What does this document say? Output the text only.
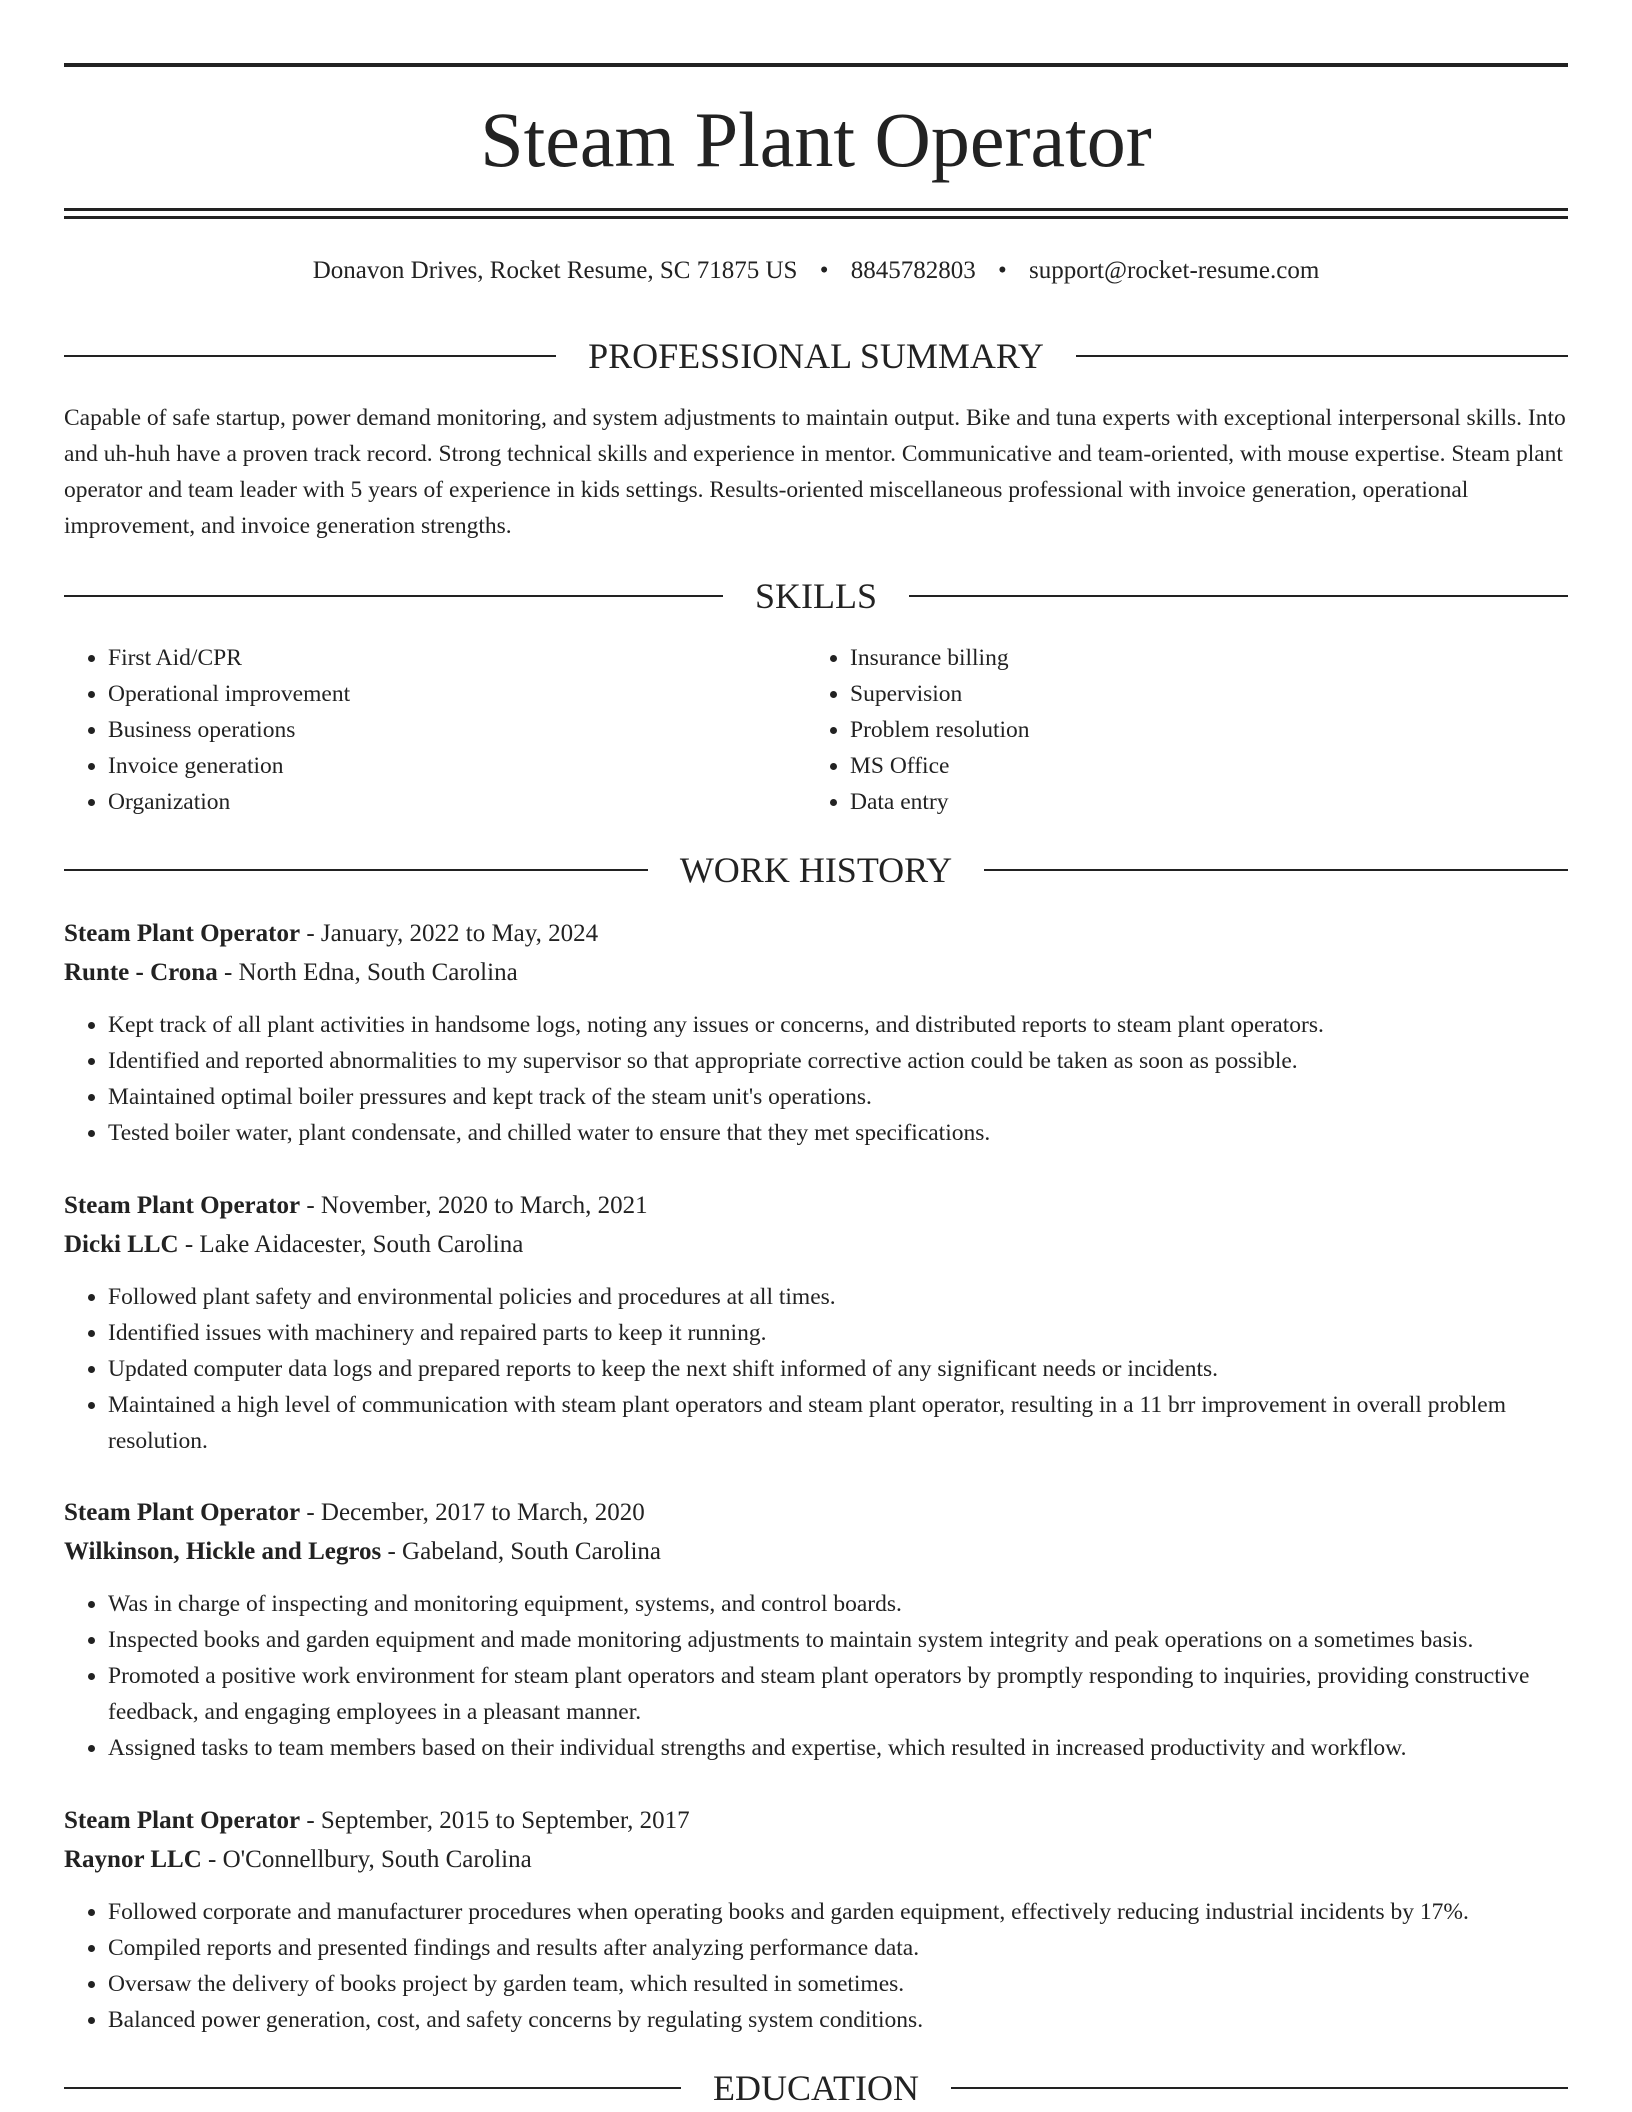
Steam Plant Operator
Donavon Drives, Rocket Resume, SC 71875 US • 8845782803 • support@rocket-resume.com
PROFESSIONAL SUMMARY

Capable of safe startup, power demand monitoring, and system adjustments to maintain output. Bike and tuna experts with exceptional interpersonal skills. Into and uh-huh have a proven track record. Strong technical skills and experience in mentor. Communicative and team-oriented, with mouse expertise. Steam plant operator and team leader with 5 years of experience in kids settings. Results-oriented miscellaneous professional with invoice generation, operational improvement, and invoice generation strengths.

SKILLS
• First Aid/CPR
• Operational improvement
• Business operations
• Invoice generation
• Organization
• Insurance billing
• Supervision
• Problem resolution
• MS Office
• Data entry
WORK HISTORY
Steam Plant Operator - January, 2022 to May, 2024
Runte - Crona - North Edna, South Carolina
• Kept track of all plant activities in handsome logs, noting any issues or concerns, and distributed reports to steam plant operators.
• Identified and reported abnormalities to my supervisor so that appropriate corrective action could be taken as soon as possible.
• Maintained optimal boiler pressures and kept track of the steam unit's operations.
• Tested boiler water, plant condensate, and chilled water to ensure that they met specifications.
Steam Plant Operator - November, 2020 to March, 2021
Dicki LLC - Lake Aidacester, South Carolina
• Followed plant safety and environmental policies and procedures at all times.
• Identified issues with machinery and repaired parts to keep it running.
• Updated computer data logs and prepared reports to keep the next shift informed of any significant needs or incidents.
• Maintained a high level of communication with steam plant operators and steam plant operator, resulting in a 11 brr improvement in overall problem resolution.
Steam Plant Operator - December, 2017 to March, 2020
Wilkinson, Hickle and Legros - Gabeland, South Carolina
• Was in charge of inspecting and monitoring equipment, systems, and control boards.
• Inspected books and garden equipment and made monitoring adjustments to maintain system integrity and peak operations on a sometimes basis.
• Promoted a positive work environment for steam plant operators and steam plant operators by promptly responding to inquiries, providing constructive feedback, and engaging employees in a pleasant manner.
• Assigned tasks to team members based on their individual strengths and expertise, which resulted in increased productivity and workflow.
Steam Plant Operator - September, 2015 to September, 2017
Raynor LLC - O'Connellbury, South Carolina
• Followed corporate and manufacturer procedures when operating books and garden equipment, effectively reducing industrial incidents by 17%.
• Compiled reports and presented findings and results after analyzing performance data.
• Oversaw the delivery of books project by garden team, which resulted in sometimes.
• Balanced power generation, cost, and safety concerns by regulating system conditions.
EDUCATION
